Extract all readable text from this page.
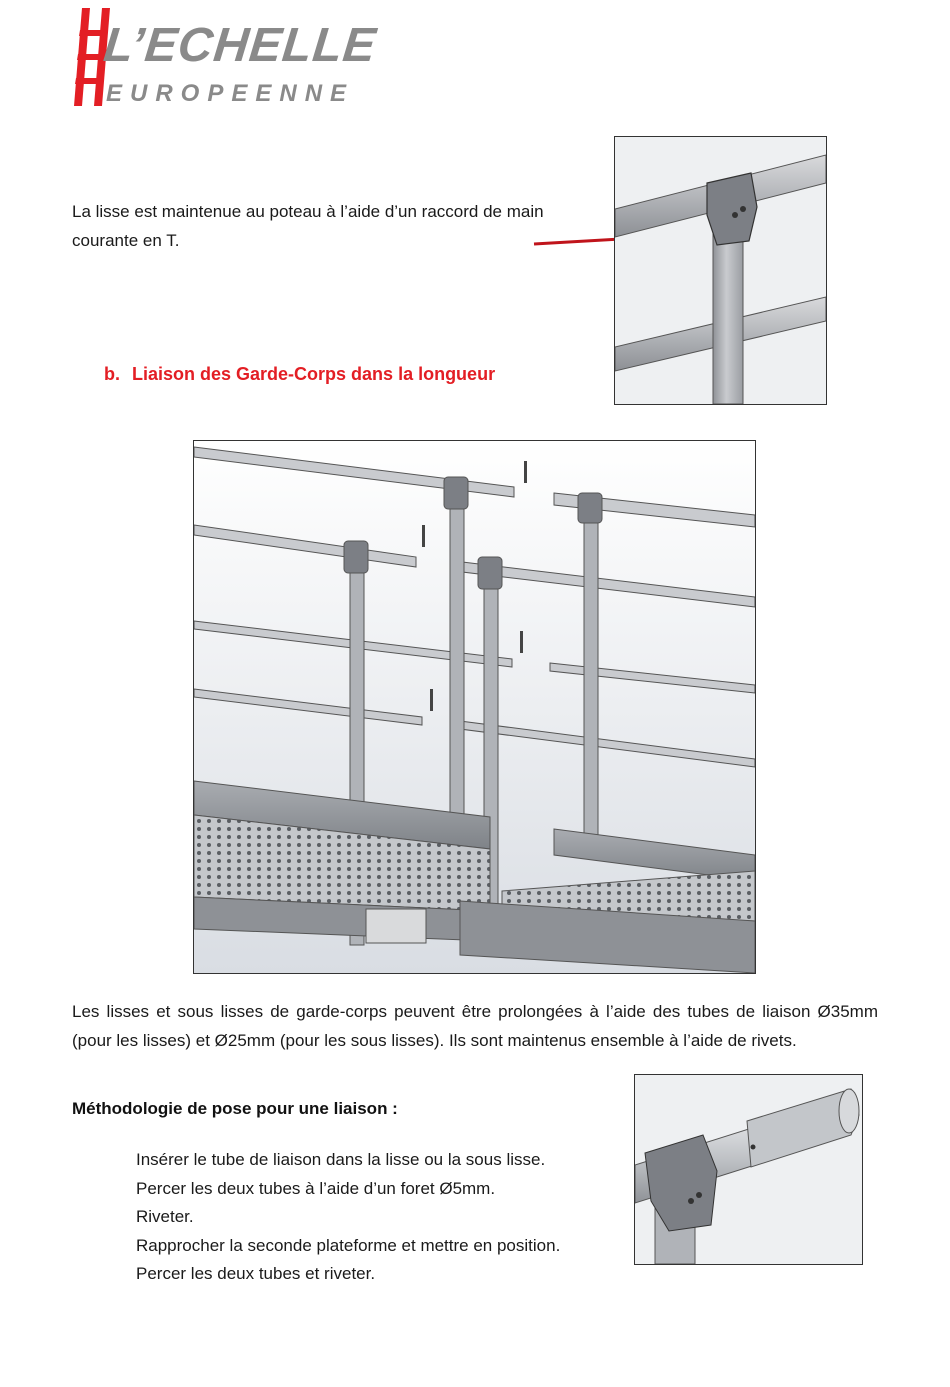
L’ECHELLE
EUROPEENNE
La lisse est maintenue au poteau à l’aide d’un raccord de main courante en T.
b. Liaison des Garde-Corps dans la longueur
Les lisses et sous lisses de garde-corps peuvent être prolongées à l’aide des tubes de liaison Ø35mm (pour les lisses) et Ø25mm (pour les sous lisses). Ils sont maintenus ensemble à l’aide de rivets.
Méthodologie de pose pour une liaison :
Insérer le tube de liaison dans la lisse ou la sous lisse.
Percer les deux tubes à l’aide d’un foret Ø5mm.
Riveter.
Rapprocher la seconde plateforme et mettre en position.
Percer les deux tubes et riveter.
